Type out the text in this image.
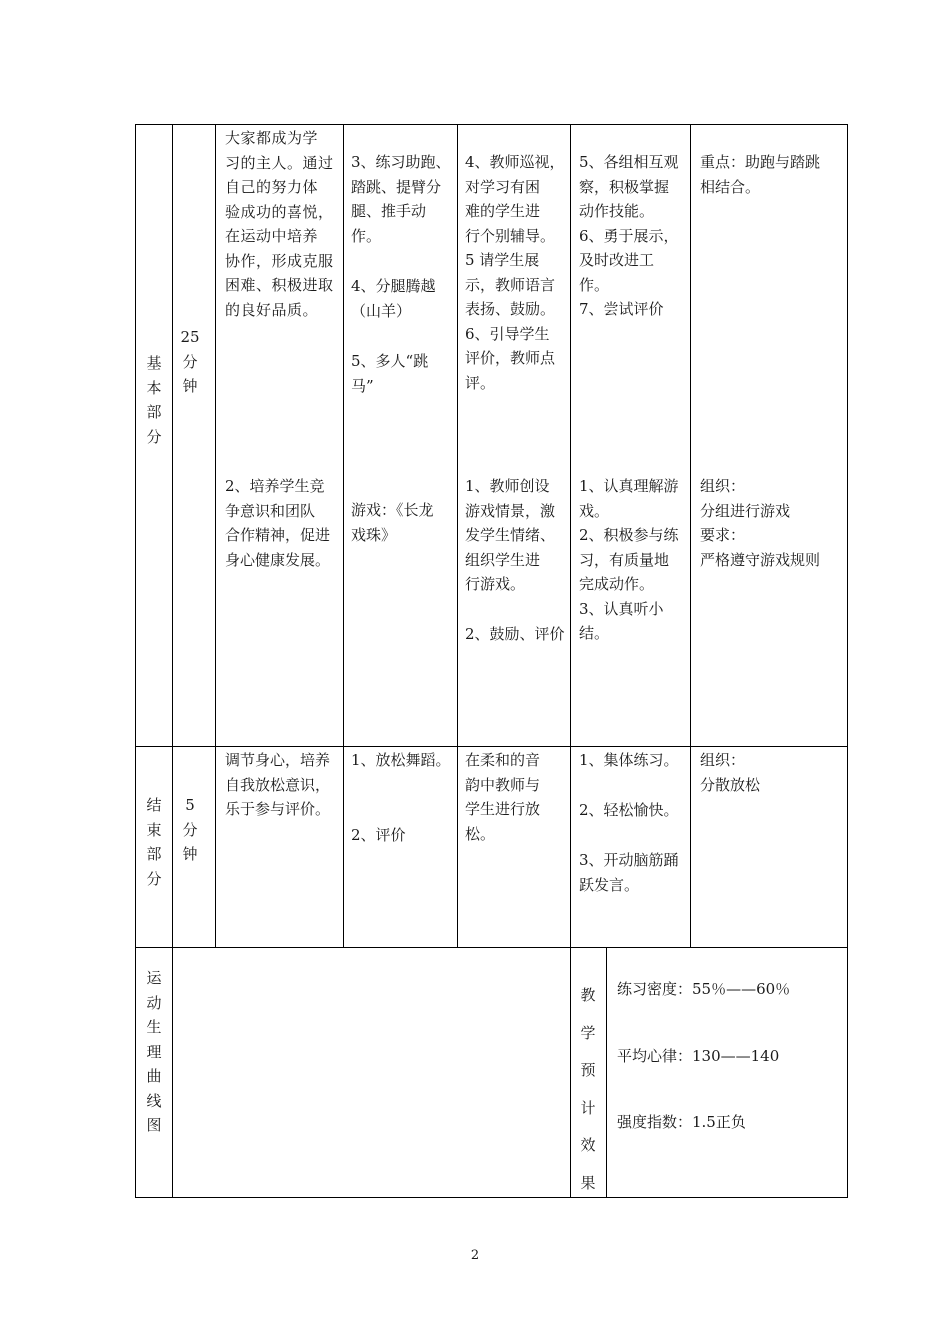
基
本
部
分

25
分
钟

大家都成为学
习的主人。通过
自己的努力体
验成功的喜悦，
在运动中培养
协作，形成克服
困难、积极进取
的良好品质。

3、练习助跑、
踏跳、提臂分
腿、推手动
作。

4、分腿腾越
（山羊）

5、多人“跳
马”

4、教师巡视，
对学习有困
难的学生进
行个别辅导。
5 请学生展
示，教师语言
表扬、鼓励。
6、引导学生
评价，教师点
评。

5、各组相互观
察，积极掌握
动作技能。
6、勇于展示，
及时改进工
作。
7、尝试评价

重点：助跑与踏跳
相结合。

2、培养学生竞
争意识和团队
合作精神，促进
身心健康发展。

游戏：《长龙
戏珠》

1、教师创设
游戏情景，激
发学生情绪、
组织学生进
行游戏。

2、鼓励、评价

1、认真理解游
戏。
2、积极参与练
习，有质量地
完成动作。
3、认真听小
结。

组织：
分组进行游戏
要求：
严格遵守游戏规则

结
束
部
分

5
分
钟

调节身心，培养
自我放松意识，
乐于参与评价。

1、放松舞蹈。

2、评价

在柔和的音
韵中教师与
学生进行放
松。

1、集体练习。

2、轻松愉快。

3、开动脑筋踊
跃发言。

组织：
分散放松

运
动
生
理
曲
线
图

教
学
预
计
效
果

练习密度：55％——60％

平均心律：130——140

强度指数：1.5正负

2
